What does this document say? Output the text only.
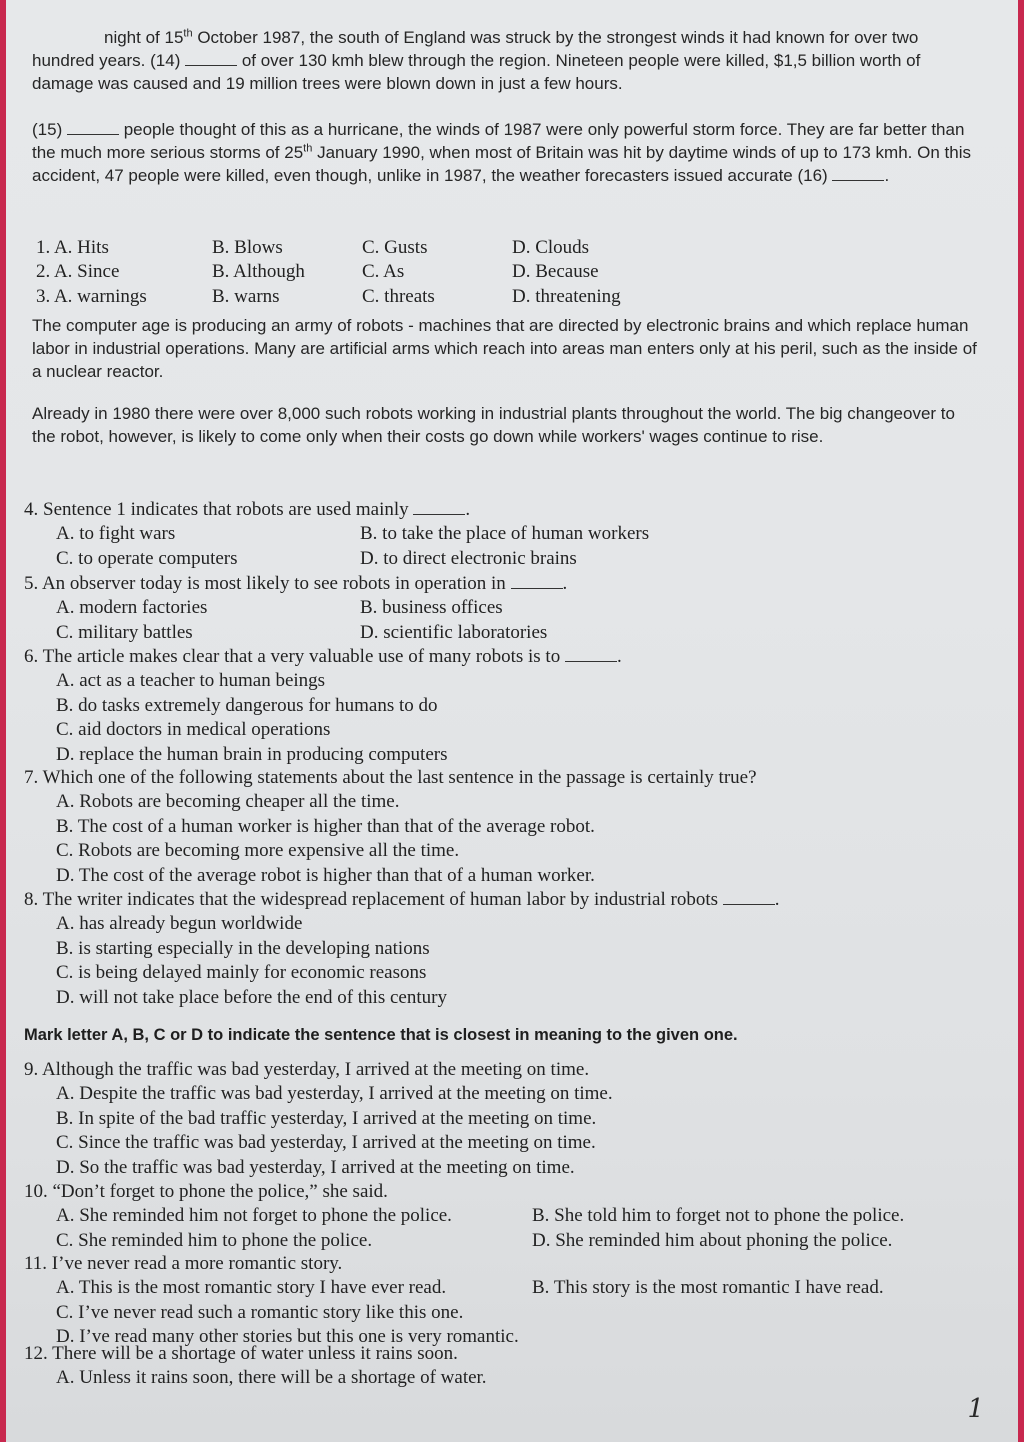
night of 15th October 1987, the south of England was struck by the strongest winds it had known for over two hundred years. (14)	of over 130 kmh blew through the region. Nineteen people were killed, $1,5 billion worth of damage was caused and 19 million trees were blown down in just a few hours.
(15)	people thought of this as a hurricane, the winds of 1987 were only powerful storm force. They are far better than the much more serious storms of 25th January 1990, when most of Britain was hit by daytime winds of up to 173 kmh. On this accident, 47 people were killed, even though, unlike in 1987, the weather forecasters issued accurate (16)	.
1. A. Hits	B. Blows	C. Gusts	D. Clouds
2. A. Since	B. Although	C. As	D. Because
3. A. warnings	B. warns	C. threats	D. threatening
The computer age is producing an army of robots - machines that are directed by electronic brains and which replace human labor in industrial operations. Many are artificial arms which reach into areas man enters only at his peril, such as the inside of a nuclear reactor.
Already in 1980 there were over 8,000 such robots working in industrial plants throughout the world. The big changeover to the robot, however, is likely to come only when their costs go down while workers' wages continue to rise.
4. Sentence 1 indicates that robots are used mainly	.
A. to fight wars	B. to take the place of human workers
C. to operate computers	D. to direct electronic brains
5. An observer today is most likely to see robots in operation in	.
A. modern factories	B. business offices
C. military battles	D. scientific laboratories
6. The article makes clear that a very valuable use of many robots is to	.
A. act as a teacher to human beings
B. do tasks extremely dangerous for humans to do
C. aid doctors in medical operations
D. replace the human brain in producing computers
7. Which one of the following statements about the last sentence in the passage is certainly true?
A. Robots are becoming cheaper all the time.
B. The cost of a human worker is higher than that of the average robot.
C. Robots are becoming more expensive all the time.
D. The cost of the average robot is higher than that of a human worker.
8. The writer indicates that the widespread replacement of human labor by industrial robots	.
A. has already begun worldwide
B. is starting especially in the developing nations
C. is being delayed mainly for economic reasons
D. will not take place before the end of this century
Mark letter A, B, C or D to indicate the sentence that is closest in meaning to the given one.
9. Although the traffic was bad yesterday, I arrived at the meeting on time.
A. Despite the traffic was bad yesterday, I arrived at the meeting on time.
B. In spite of the bad traffic yesterday, I arrived at the meeting on time.
C. Since the traffic was bad yesterday, I arrived at the meeting on time.
D. So the traffic was bad yesterday, I arrived at the meeting on time.
10. “Don’t forget to phone the police,” she said.
A. She reminded him not forget to phone the police.	B. She told him to forget not to phone the police.
C. She reminded him to phone the police.	D. She reminded him about phoning the police.
11. I’ve never read a more romantic story.
A. This is the most romantic story I have ever read.	B. This story is the most romantic I have read.
C. I’ve never read such a romantic story like this one.
D. I’ve read many other stories but this one is very romantic.
12. There will be a shortage of water unless it rains soon.
A. Unless it rains soon, there will be a shortage of water.
1
